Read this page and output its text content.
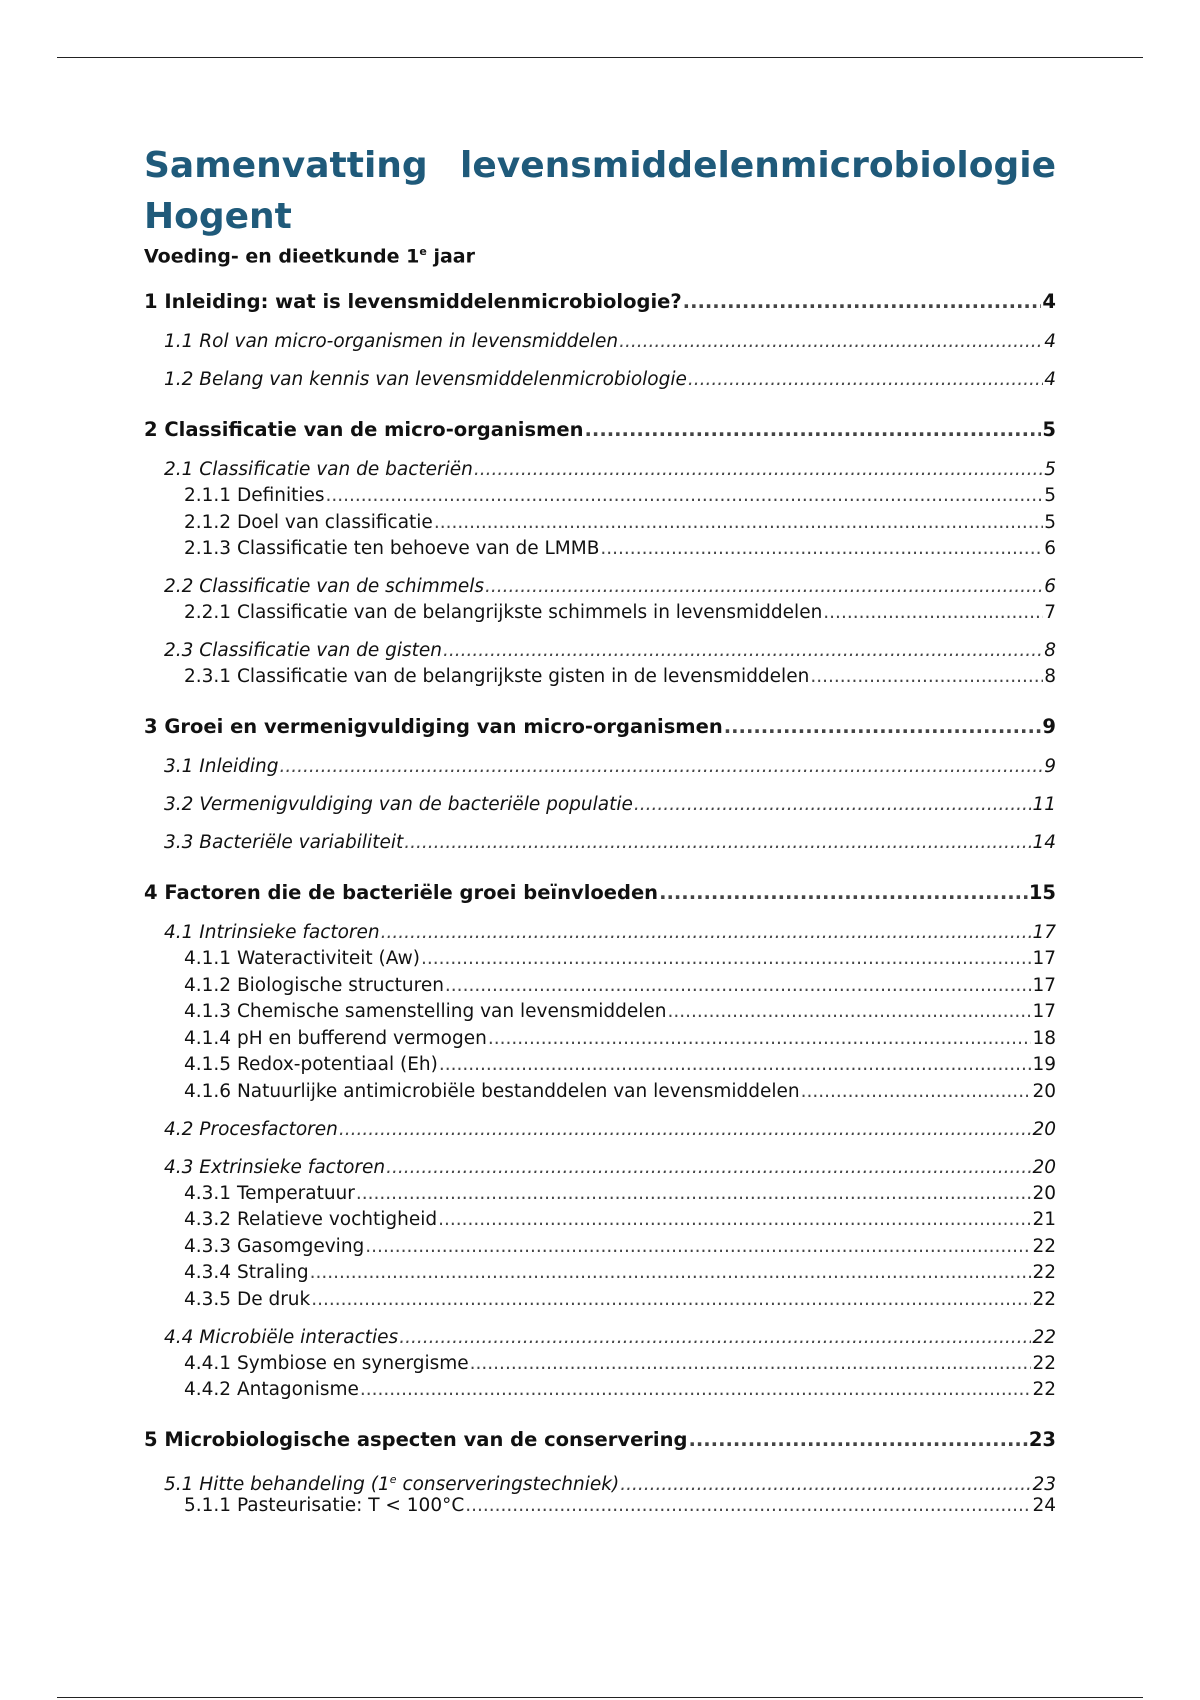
Samenvatting levensmiddelenmicrobiologie Hogent
Voeding- en dieetkunde 1e jaar
1 Inleiding: wat is levensmiddelenmicrobiologie? .....	4
1.1 Rol van micro-organismen in levensmiddelen .....	4
1.2 Belang van kennis van levensmiddelenmicrobiologie .....	4
2 Classificatie van de micro-organismen .....	5
2.1 Classificatie van de bacteriën .....	5
2.1.1 Definities .....	5
2.1.2 Doel van classificatie .....	5
2.1.3 Classificatie ten behoeve van de LMMB .....	6
2.2 Classificatie van de schimmels .....	6
2.2.1 Classificatie van de belangrijkste schimmels in levensmiddelen .....	7
2.3 Classificatie van de gisten .....	8
2.3.1 Classificatie van de belangrijkste gisten in de levensmiddelen .....	8
3 Groei en vermenigvuldiging van micro-organismen .....	9
3.1 Inleiding .....	9
3.2 Vermenigvuldiging van de bacteriële populatie .....	11
3.3 Bacteriële variabiliteit .....	14
4 Factoren die de bacteriële groei beïnvloeden .....	15
4.1 Intrinsieke factoren .....	17
4.1.1 Wateractiviteit (Aw) .....	17
4.1.2 Biologische structuren .....	17
4.1.3 Chemische samenstelling van levensmiddelen .....	17
4.1.4 pH en bufferend vermogen .....	18
4.1.5 Redox-potentiaal (Eh) .....	19
4.1.6 Natuurlijke antimicrobiële bestanddelen van levensmiddelen .....	20
4.2 Procesfactoren .....	20
4.3 Extrinsieke factoren .....	20
4.3.1 Temperatuur .....	20
4.3.2 Relatieve vochtigheid .....	21
4.3.3 Gasomgeving .....	22
4.3.4 Straling .....	22
4.3.5 De druk .....	22
4.4 Microbiële interacties .....	22
4.4.1 Symbiose en synergisme .....	22
4.4.2 Antagonisme .....	22
5 Microbiologische aspecten van de conservering .....	23
5.1 Hitte behandeling (1e conserveringstechniek) .....	23
5.1.1 Pasteurisatie: T < 100°C .....	24
